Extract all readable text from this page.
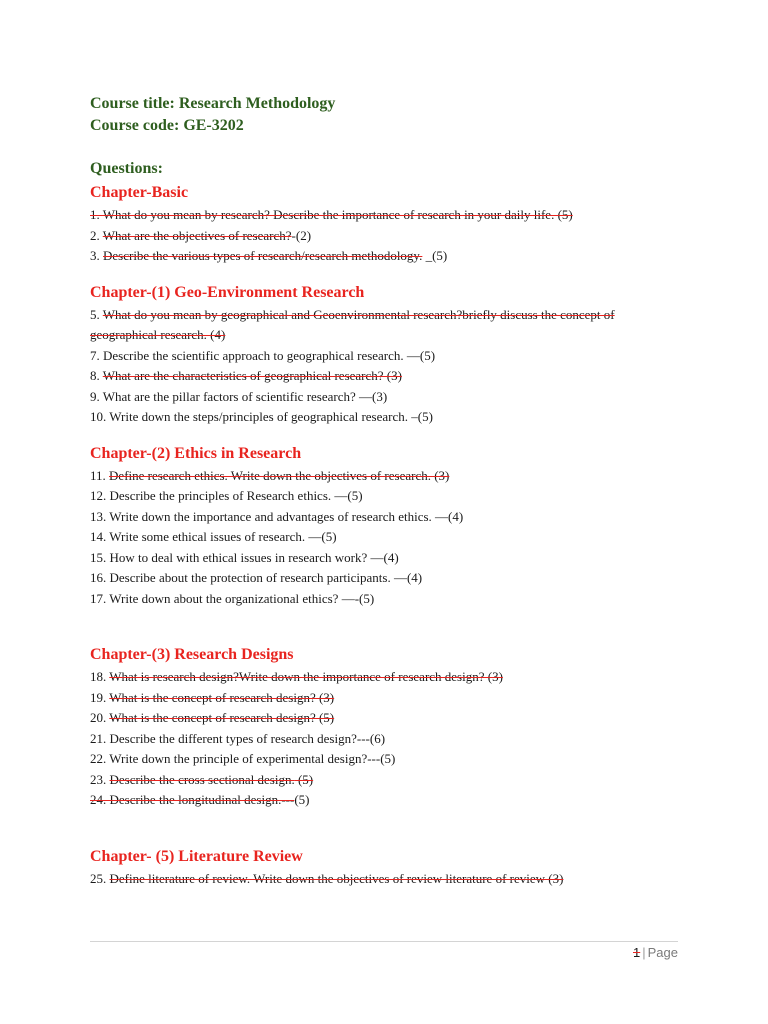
Course title: Research Methodology
Course code: GE-3202
Questions:
Chapter-Basic
1. What do you mean by research? Describe the importance of research in your daily life. (5)
2. What are the objectives of research?-(2)
3. Describe the various types of research/research methodology. _(5)
Chapter-(1) Geo-Environment Research
5. What do you mean by geographical and Geoenvironmental research?briefly discuss the concept of geographical research. (4)
7. Describe the scientific approach to geographical research. —(5)
8. What are the characteristics of geographical research? (3)
9. What are the pillar factors of scientific research? —(3)
10. Write down the steps/principles of geographical research. –(5)
Chapter-(2) Ethics in Research
11. Define research ethics. Write down the objectives of research. (3)
12. Describe the principles of Research ethics. —(5)
13. Write down the importance and advantages of research ethics. —(4)
14. Write some ethical issues of research. —(5)
15. How to deal with ethical issues in research work? —(4)
16. Describe about the protection of research participants. —(4)
17. Write down about the organizational ethics? —-(5)
Chapter-(3) Research Designs
18. What is research design?Write down the importance of research design? (3)
19. What is the concept of research design? (3)
20. What is the concept of research design? (5)
21. Describe the different types of research design?---(6)
22. Write down the principle of experimental design?---(5)
23. Describe the cross sectional design. (5)
24. Describe the longitudinal design.---(5)
Chapter- (5) Literature Review
25. Define literature of review. Write down the objectives of review literature of review (3)
1 | Page
